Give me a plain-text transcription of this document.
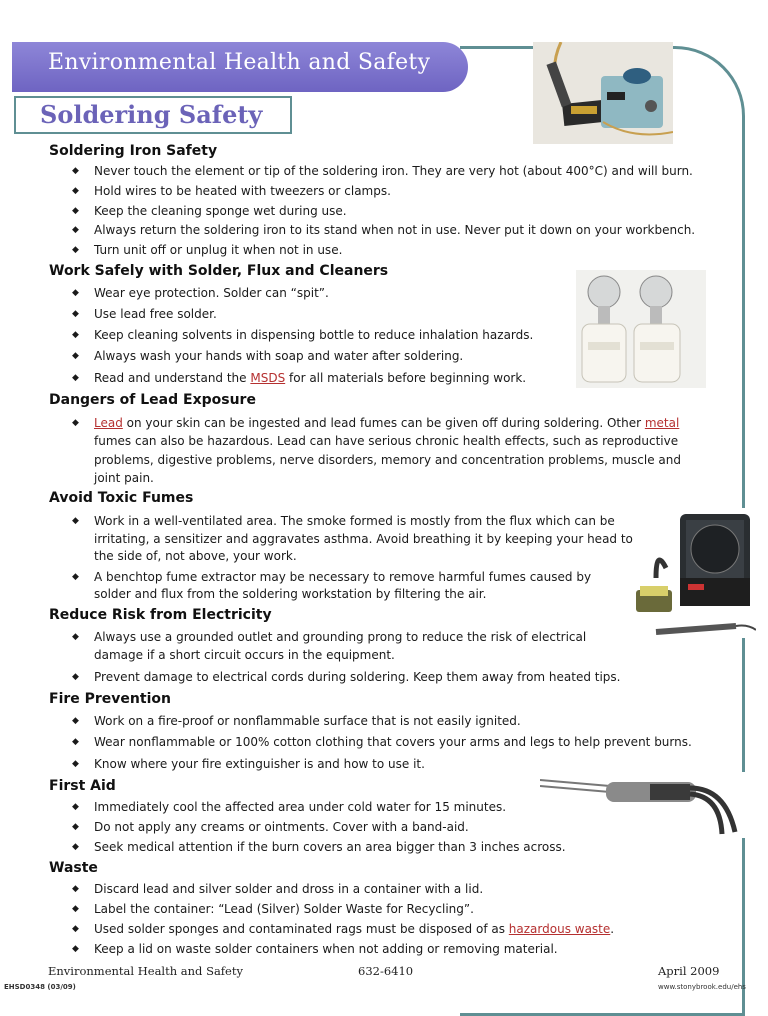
Environmental Health and Safety
Soldering Safety
Soldering Iron Safety
◆ Never touch the element or tip of the soldering iron. They are very hot (about 400°C) and will burn.
◆ Hold wires to be heated with tweezers or clamps.
◆ Keep the cleaning sponge wet during use.
◆ Always return the soldering iron to its stand when not in use. Never put it down on your workbench.
◆ Turn unit off or unplug it when not in use.
Work Safely with Solder, Flux and Cleaners
◆ Wear eye protection. Solder can “spit”.
◆ Use lead free solder.
◆ Keep cleaning solvents in dispensing bottle to reduce inhalation hazards.
◆ Always wash your hands with soap and water after soldering.
◆ Read and understand the MSDS for all materials before beginning work.
Dangers of Lead Exposure
◆ Lead on your skin can be ingested and lead fumes can be given off during soldering. Other metal
fumes can also be hazardous. Lead can have serious chronic health effects, such as reproductive
problems, digestive problems, nerve disorders, memory and concentration problems, muscle and
joint pain.
Avoid Toxic Fumes
◆ Work in a well-ventilated area. The smoke formed is mostly from the flux which can be
irritating, a sensitizer and aggravates asthma. Avoid breathing it by keeping your head to
the side of, not above, your work.
◆ A benchtop fume extractor may be necessary to remove harmful fumes caused by
solder and flux from the soldering workstation by filtering the air.
Reduce Risk from Electricity
◆ Always use a grounded outlet and grounding prong to reduce the risk of electrical
damage if a short circuit occurs in the equipment.
◆ Prevent damage to electrical cords during soldering. Keep them away from heated tips.
Fire Prevention
◆ Work on a fire-proof or nonflammable surface that is not easily ignited.
◆ Wear nonflammable or 100% cotton clothing that covers your arms and legs to help prevent burns.
◆ Know where your fire extinguisher is and how to use it.
First Aid
◆ Immediately cool the affected area under cold water for 15 minutes.
◆ Do not apply any creams or ointments. Cover with a band-aid.
◆ Seek medical attention if the burn covers an area bigger than 3 inches across.
Waste
◆ Discard lead and silver solder and dross in a container with a lid.
◆ Label the container: “Lead (Silver) Solder Waste for Recycling”.
◆ Used solder sponges and contaminated rags must be disposed of as hazardous waste.
◆ Keep a lid on waste solder containers when not adding or removing material.
Environmental Health and Safety	632-6410	April 2009
EHSD0348 (03/09)	www.stonybrook.edu/ehs
